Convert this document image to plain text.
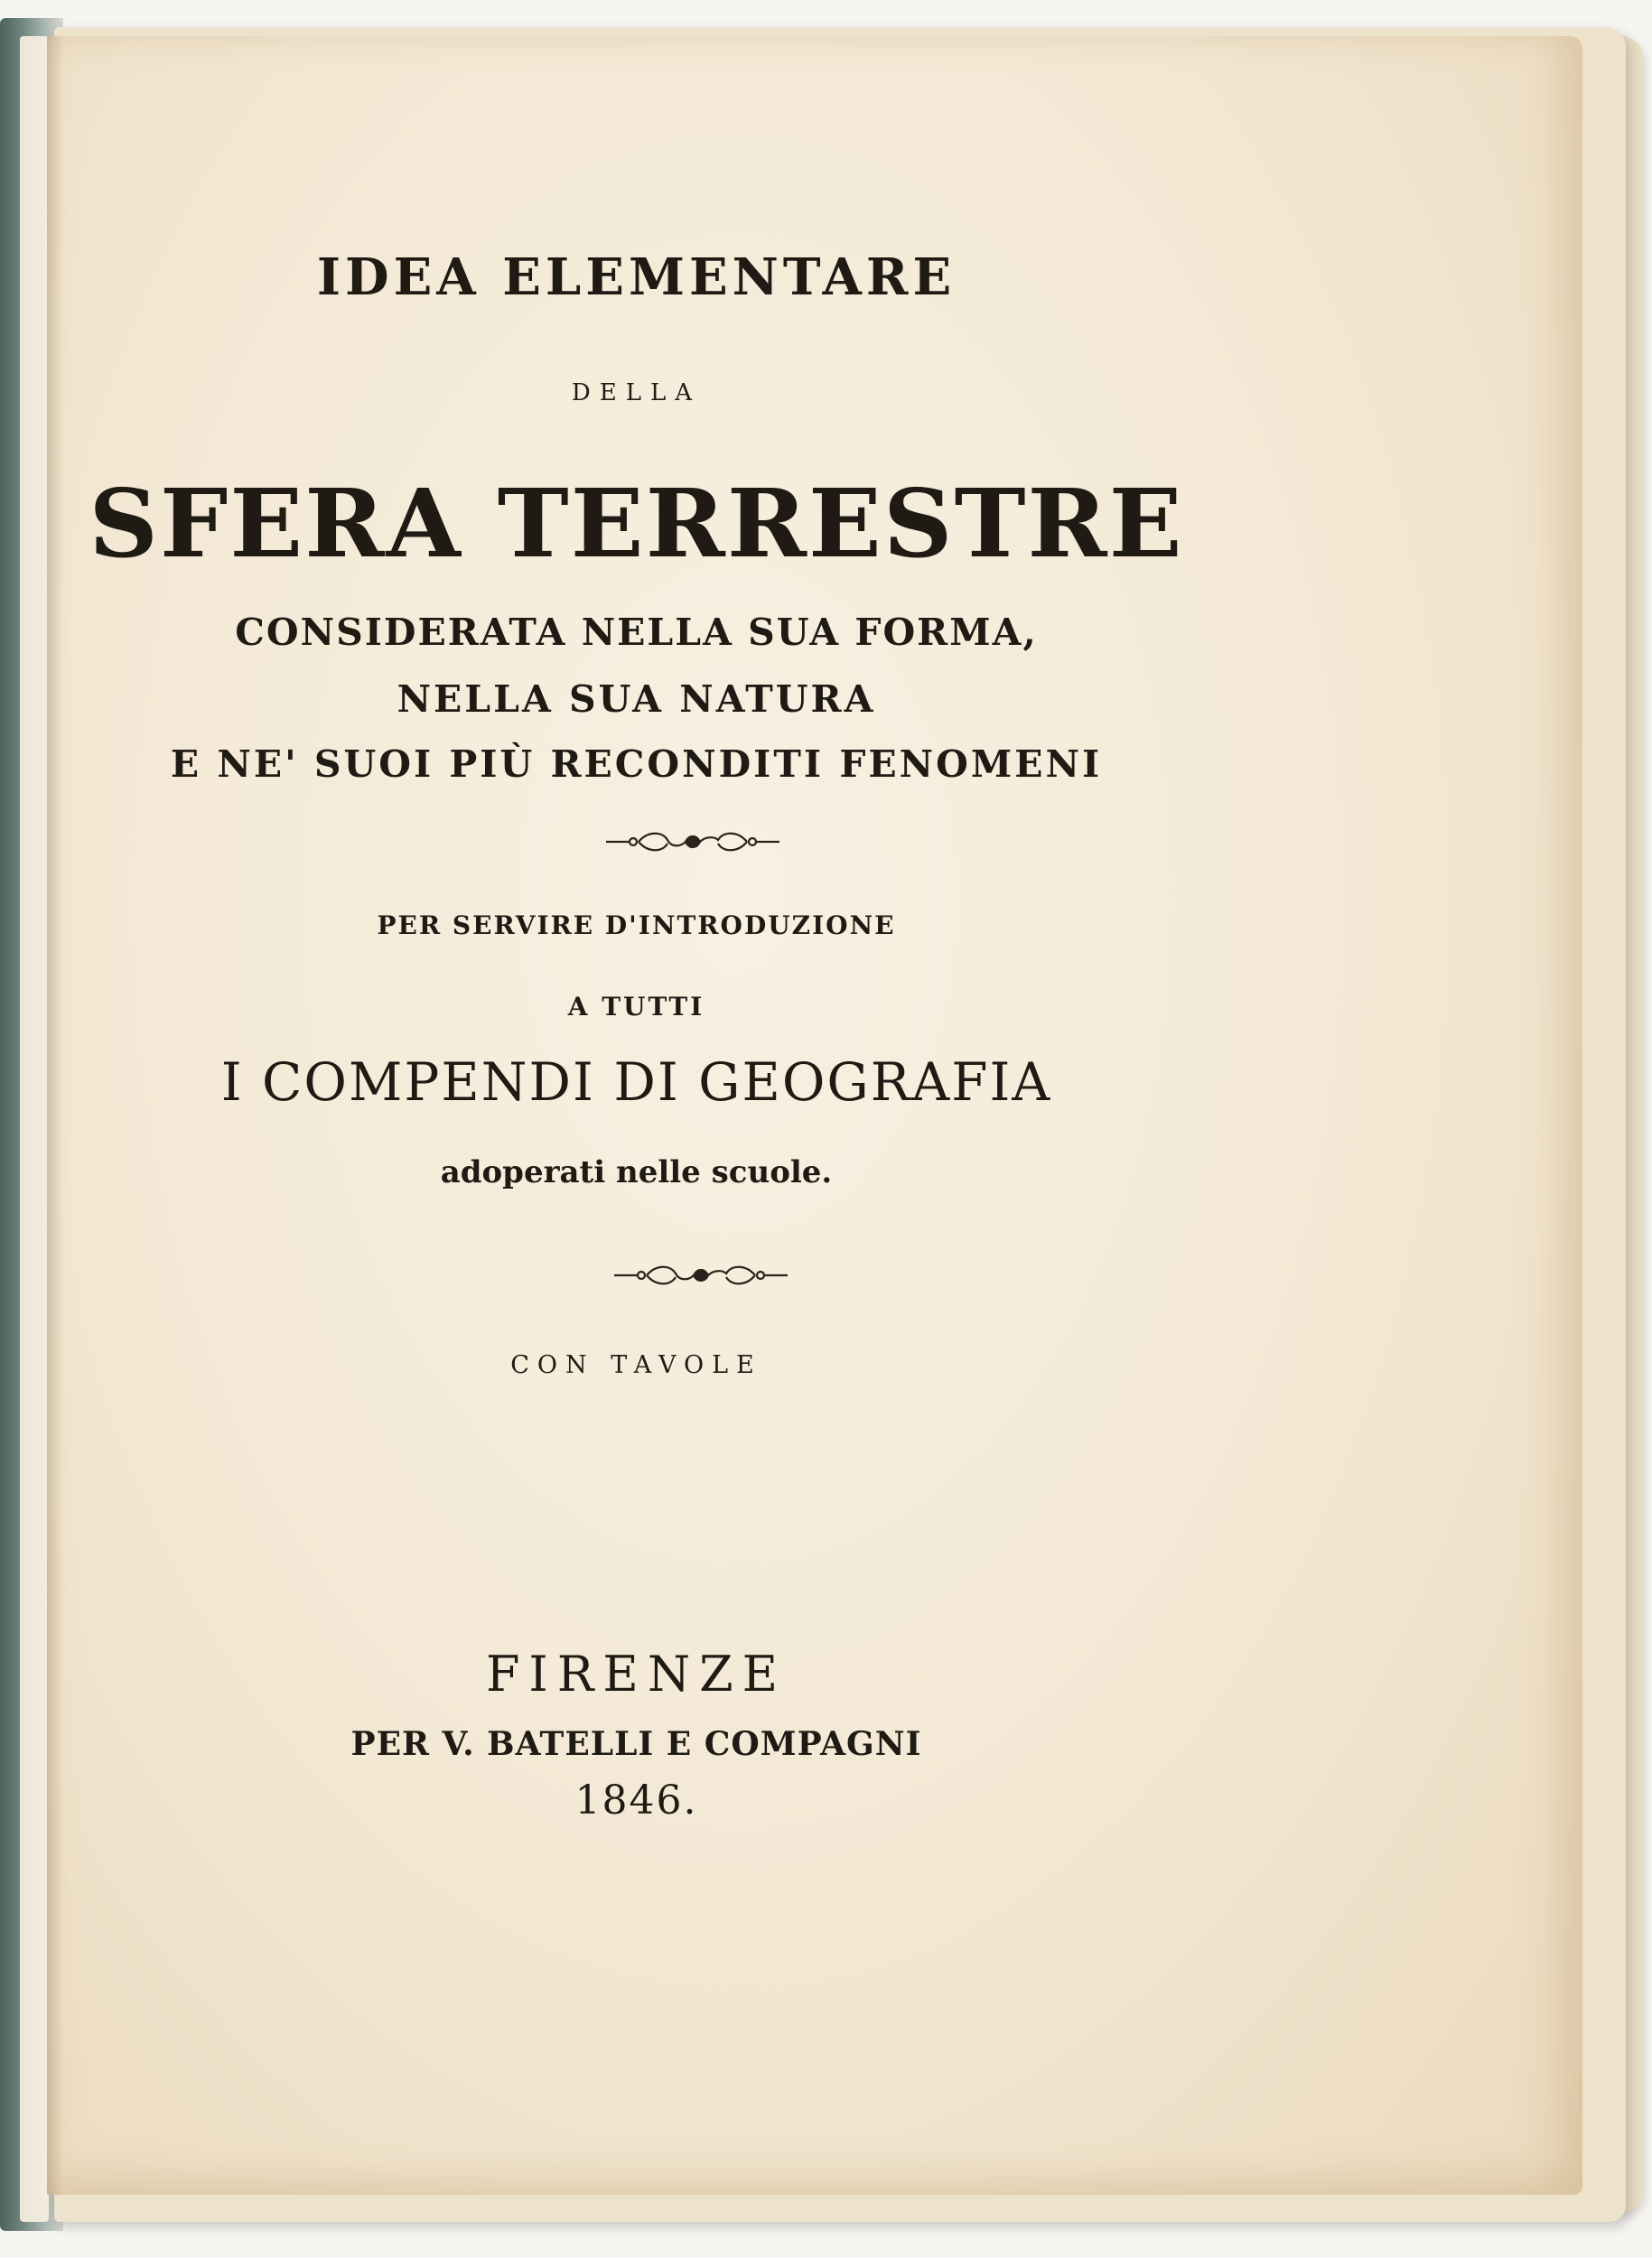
IDEA ELEMENTARE
DELLA
SFERA TERRESTRE
CONSIDERATA NELLA SUA FORMA,
NELLA SUA NATURA
E NE' SUOI PIÙ RECONDITI FENOMENI
PER SERVIRE D'INTRODUZIONE
A TUTTI
I COMPENDI DI GEOGRAFIA
adoperati nelle scuole.
CON TAVOLE
FIRENZE
PER V. BATELLI E COMPAGNI
1846.
